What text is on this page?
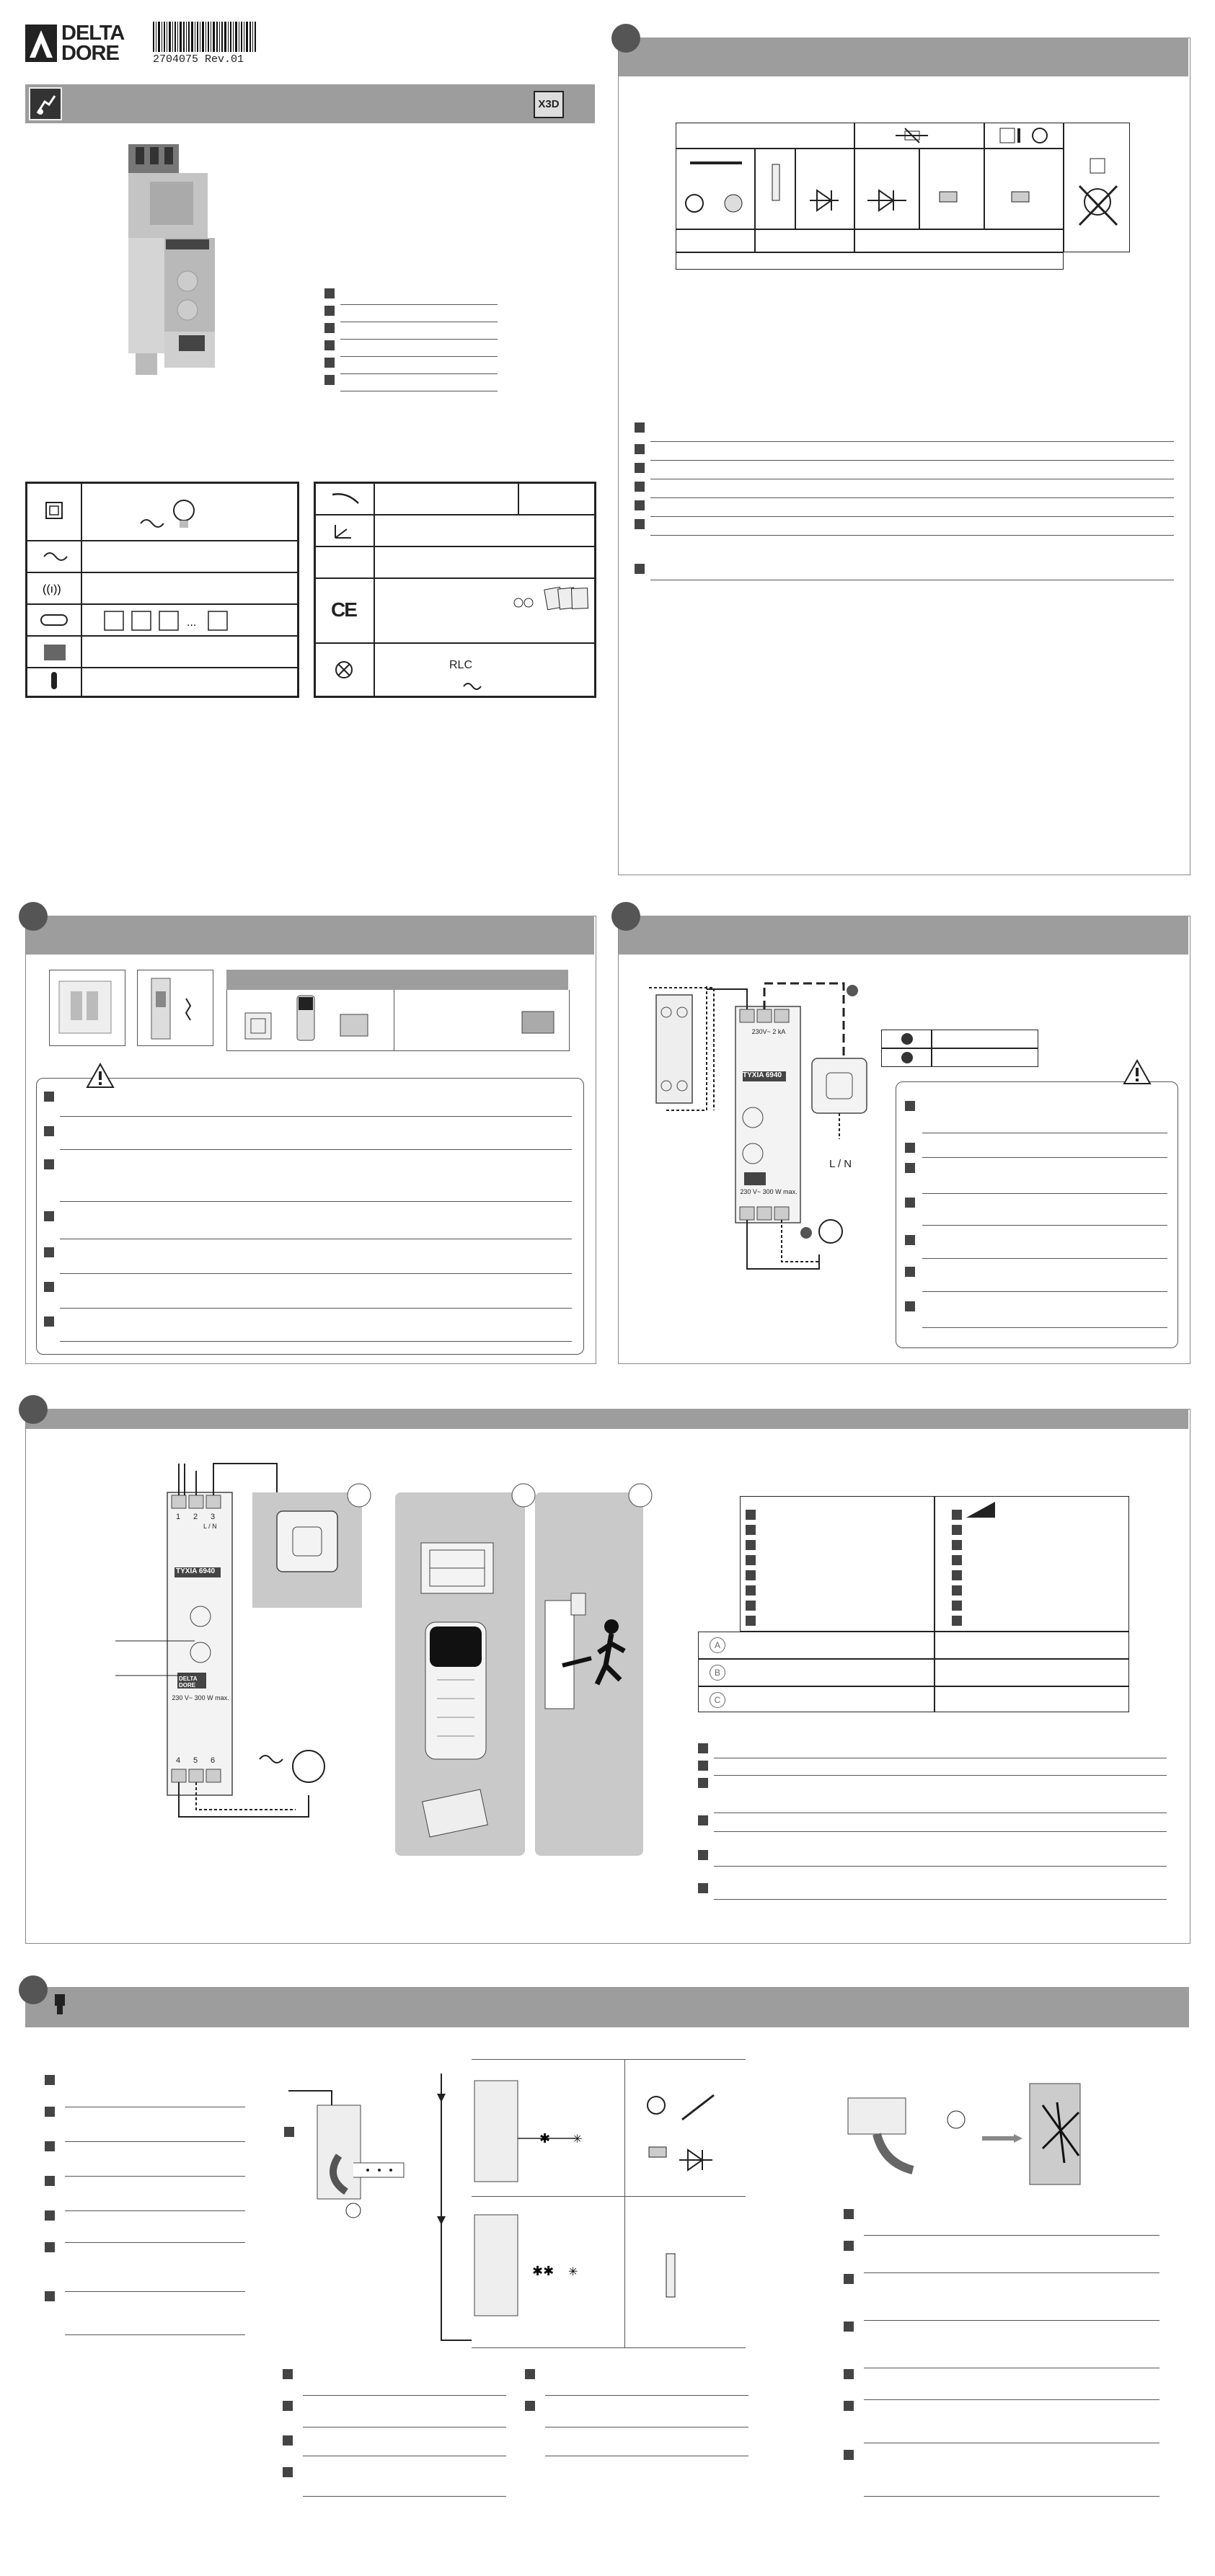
DELTA
DORE	2704075 Rev.01
X3D
((ı))
...
CE
RLC
L / N
TYXIA 6940
230V~ 2 kA
230 V~ 300 W max.
TYXIA 6940
230 V~ 300 W max.
1 2 3
L / N
4 5 6
DELTA DORE

A
B
C
✱ ✳
✱✱ ✳
